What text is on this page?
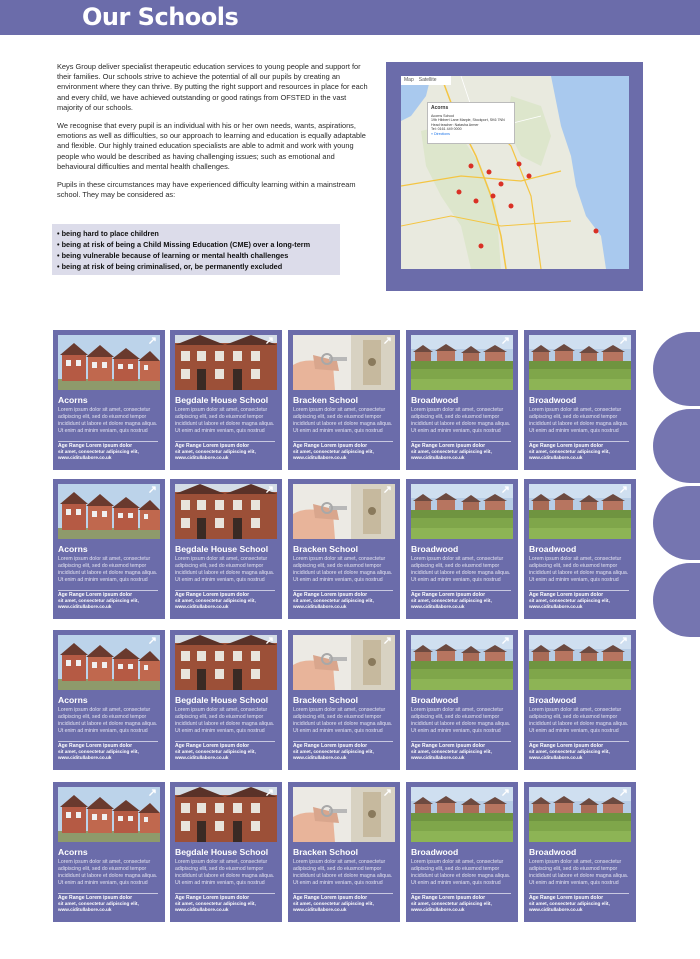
Our Schools

Keys Group deliver specialist therapeutic education services to young people and support for their families. Our schools strive to achieve the potential of all our pupils by creating an environment where they can thrive. By putting the right support and resources in place for each and every child, we have achieved outstanding or good ratings from OFSTED in the vast majority of our schools.

We recognise that every pupil is an individual with his or her own needs, wants, aspirations, emotions as well as difficulties, so our approach to learning and education is equally adaptable and flexible. Our highly trained education specialists are able to admit and work with young people who would be described as having challenging issues; such as emotional and behavioural difficulties and mental health challenges.

Pupils in these circumstances may have experienced difficulty learning within a mainstream school. They may be considered as:

• being hard to place children
• being at risk of being a Child Missing Education (CME) over a long-term
• being vulnerable because of learning or mental health challenges
• being at risk of being criminalised, or, be permanently excluded
Map Satellite
Acorns
Acorns School
19b Hibbert Lane Marple, Stockport, SK6 7NN
Head teacher: Natasha Armer
Tel: 0161 449 0000
» Directions
↗
Acorns
Lorem ipsum dolor sit amet, consectetur adipiscing elit, sed do eiusmod tempor incididunt ut labore et dolore magna aliqua. Ut enim ad minim veniam, quis nostrud
Age Range Lorem ipsum dolor
sit amet, consectetur adipiscing elit,
www.ciditullabore.co.uk
↗
Begdale House School
Lorem ipsum dolor sit amet, consectetur adipiscing elit, sed do eiusmod tempor incididunt ut labore et dolore magna aliqua. Ut enim ad minim veniam, quis nostrud
Age Range Lorem ipsum dolor
sit amet, consectetur adipiscing elit,
www.ciditullabore.co.uk
↗
Bracken School
Lorem ipsum dolor sit amet, consectetur adipiscing elit, sed do eiusmod tempor incididunt ut labore et dolore magna aliqua. Ut enim ad minim veniam, quis nostrud
Age Range Lorem ipsum dolor
sit amet, consectetur adipiscing elit,
www.ciditullabore.co.uk
↗
Broadwood
Lorem ipsum dolor sit amet, consectetur adipiscing elit, sed do eiusmod tempor incididunt ut labore et dolore magna aliqua. Ut enim ad minim veniam, quis nostrud
Age Range Lorem ipsum dolor
sit amet, consectetur adipiscing elit,
www.ciditullabore.co.uk
↗
Broadwood
Lorem ipsum dolor sit amet, consectetur adipiscing elit, sed do eiusmod tempor incididunt ut labore et dolore magna aliqua. Ut enim ad minim veniam, quis nostrud
Age Range Lorem ipsum dolor
sit amet, consectetur adipiscing elit,
www.ciditullabore.co.uk
↗
Acorns
Lorem ipsum dolor sit amet, consectetur adipiscing elit, sed do eiusmod tempor incididunt ut labore et dolore magna aliqua. Ut enim ad minim veniam, quis nostrud
Age Range Lorem ipsum dolor
sit amet, consectetur adipiscing elit,
www.ciditullabore.co.uk
↗
Begdale House School
Lorem ipsum dolor sit amet, consectetur adipiscing elit, sed do eiusmod tempor incididunt ut labore et dolore magna aliqua. Ut enim ad minim veniam, quis nostrud
Age Range Lorem ipsum dolor
sit amet, consectetur adipiscing elit,
www.ciditullabore.co.uk
↗
Bracken School
Lorem ipsum dolor sit amet, consectetur adipiscing elit, sed do eiusmod tempor incididunt ut labore et dolore magna aliqua. Ut enim ad minim veniam, quis nostrud
Age Range Lorem ipsum dolor
sit amet, consectetur adipiscing elit,
www.ciditullabore.co.uk
↗
Broadwood
Lorem ipsum dolor sit amet, consectetur adipiscing elit, sed do eiusmod tempor incididunt ut labore et dolore magna aliqua. Ut enim ad minim veniam, quis nostrud
Age Range Lorem ipsum dolor
sit amet, consectetur adipiscing elit,
www.ciditullabore.co.uk
↗
Broadwood
Lorem ipsum dolor sit amet, consectetur adipiscing elit, sed do eiusmod tempor incididunt ut labore et dolore magna aliqua. Ut enim ad minim veniam, quis nostrud
Age Range Lorem ipsum dolor
sit amet, consectetur adipiscing elit,
www.ciditullabore.co.uk
↗
Acorns
Lorem ipsum dolor sit amet, consectetur adipiscing elit, sed do eiusmod tempor incididunt ut labore et dolore magna aliqua. Ut enim ad minim veniam, quis nostrud
Age Range Lorem ipsum dolor
sit amet, consectetur adipiscing elit,
www.ciditullabore.co.uk
↗
Begdale House School
Lorem ipsum dolor sit amet, consectetur adipiscing elit, sed do eiusmod tempor incididunt ut labore et dolore magna aliqua. Ut enim ad minim veniam, quis nostrud
Age Range Lorem ipsum dolor
sit amet, consectetur adipiscing elit,
www.ciditullabore.co.uk
↗
Bracken School
Lorem ipsum dolor sit amet, consectetur adipiscing elit, sed do eiusmod tempor incididunt ut labore et dolore magna aliqua. Ut enim ad minim veniam, quis nostrud
Age Range Lorem ipsum dolor
sit amet, consectetur adipiscing elit,
www.ciditullabore.co.uk
↗
Broadwood
Lorem ipsum dolor sit amet, consectetur adipiscing elit, sed do eiusmod tempor incididunt ut labore et dolore magna aliqua. Ut enim ad minim veniam, quis nostrud
Age Range Lorem ipsum dolor
sit amet, consectetur adipiscing elit,
www.ciditullabore.co.uk
↗
Broadwood
Lorem ipsum dolor sit amet, consectetur adipiscing elit, sed do eiusmod tempor incididunt ut labore et dolore magna aliqua. Ut enim ad minim veniam, quis nostrud
Age Range Lorem ipsum dolor
sit amet, consectetur adipiscing elit,
www.ciditullabore.co.uk
↗
Acorns
Lorem ipsum dolor sit amet, consectetur adipiscing elit, sed do eiusmod tempor incididunt ut labore et dolore magna aliqua. Ut enim ad minim veniam, quis nostrud
Age Range Lorem ipsum dolor
sit amet, consectetur adipiscing elit,
www.ciditullabore.co.uk
↗
Begdale House School
Lorem ipsum dolor sit amet, consectetur adipiscing elit, sed do eiusmod tempor incididunt ut labore et dolore magna aliqua. Ut enim ad minim veniam, quis nostrud
Age Range Lorem ipsum dolor
sit amet, consectetur adipiscing elit,
www.ciditullabore.co.uk
↗
Bracken School
Lorem ipsum dolor sit amet, consectetur adipiscing elit, sed do eiusmod tempor incididunt ut labore et dolore magna aliqua. Ut enim ad minim veniam, quis nostrud
Age Range Lorem ipsum dolor
sit amet, consectetur adipiscing elit,
www.ciditullabore.co.uk
↗
Broadwood
Lorem ipsum dolor sit amet, consectetur adipiscing elit, sed do eiusmod tempor incididunt ut labore et dolore magna aliqua. Ut enim ad minim veniam, quis nostrud
Age Range Lorem ipsum dolor
sit amet, consectetur adipiscing elit,
www.ciditullabore.co.uk
↗
Broadwood
Lorem ipsum dolor sit amet, consectetur adipiscing elit, sed do eiusmod tempor incididunt ut labore et dolore magna aliqua. Ut enim ad minim veniam, quis nostrud
Age Range Lorem ipsum dolor
sit amet, consectetur adipiscing elit,
www.ciditullabore.co.uk
